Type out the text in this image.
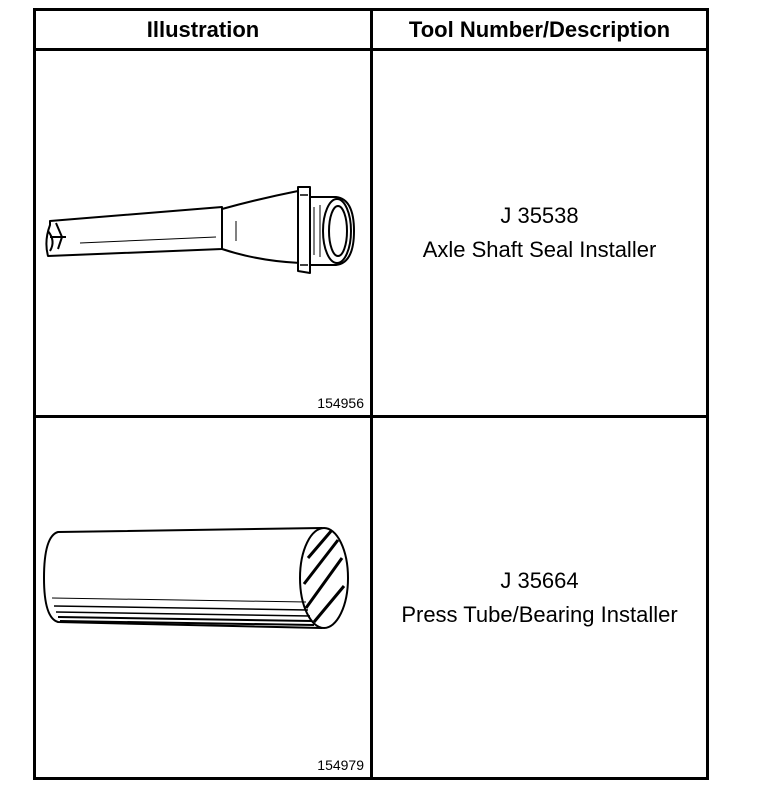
Illustration	Tool Number/Description
154956
J 35538
Axle Shaft Seal Installer
154979
J 35664
Press Tube/Bearing Installer
